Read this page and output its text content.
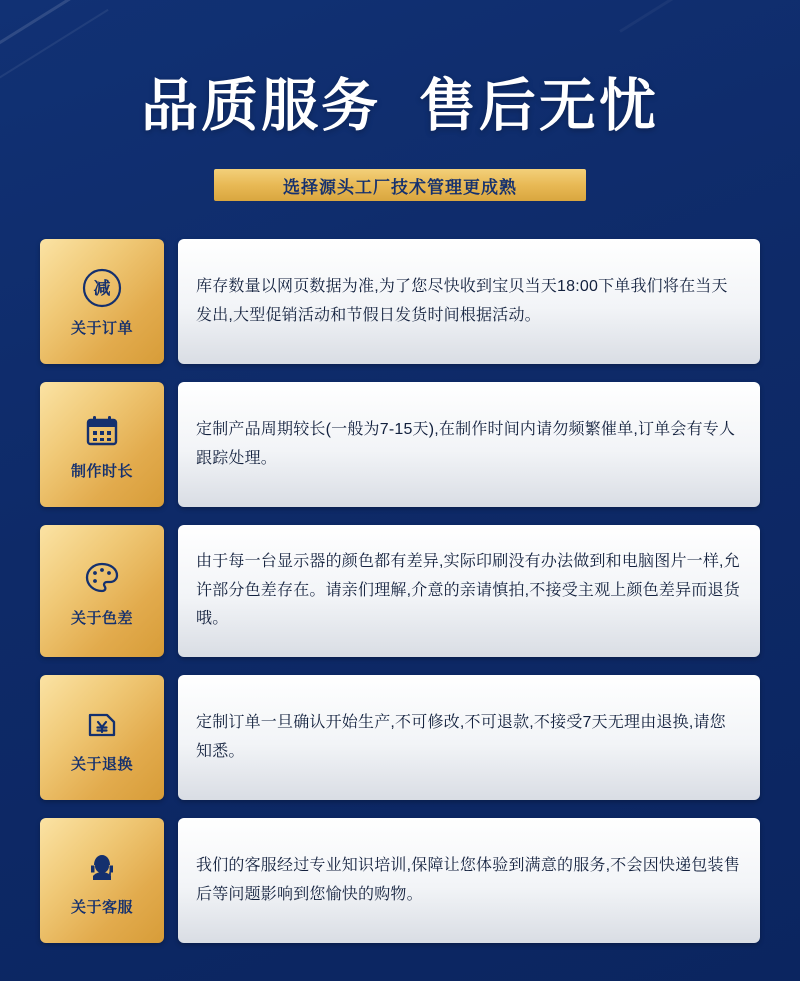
品质服务  售后无忧
选择源头工厂技术管理更成熟
减
关于订单

库存数量以网页数据为准,为了您尽快收到宝贝当天18:00下单我们将在当天发出,大型促销活动和节假日发货时间根据活动。

制作时长

定制产品周期较长(一般为7-15天),在制作时间内请勿频繁催单,订单会有专人跟踪处理。

关于色差

由于每一台显示器的颜色都有差异,实际印刷没有办法做到和电脑图片一样,允许部分色差存在。请亲们理解,介意的亲请慎拍,不接受主观上颜色差异而退货哦。

关于退换

定制订单一旦确认开始生产,不可修改,不可退款,不接受7天无理由退换,请您知悉。

关于客服

我们的客服经过专业知识培训,保障让您体验到满意的服务,不会因快递包装售后等问题影响到您愉快的购物。
